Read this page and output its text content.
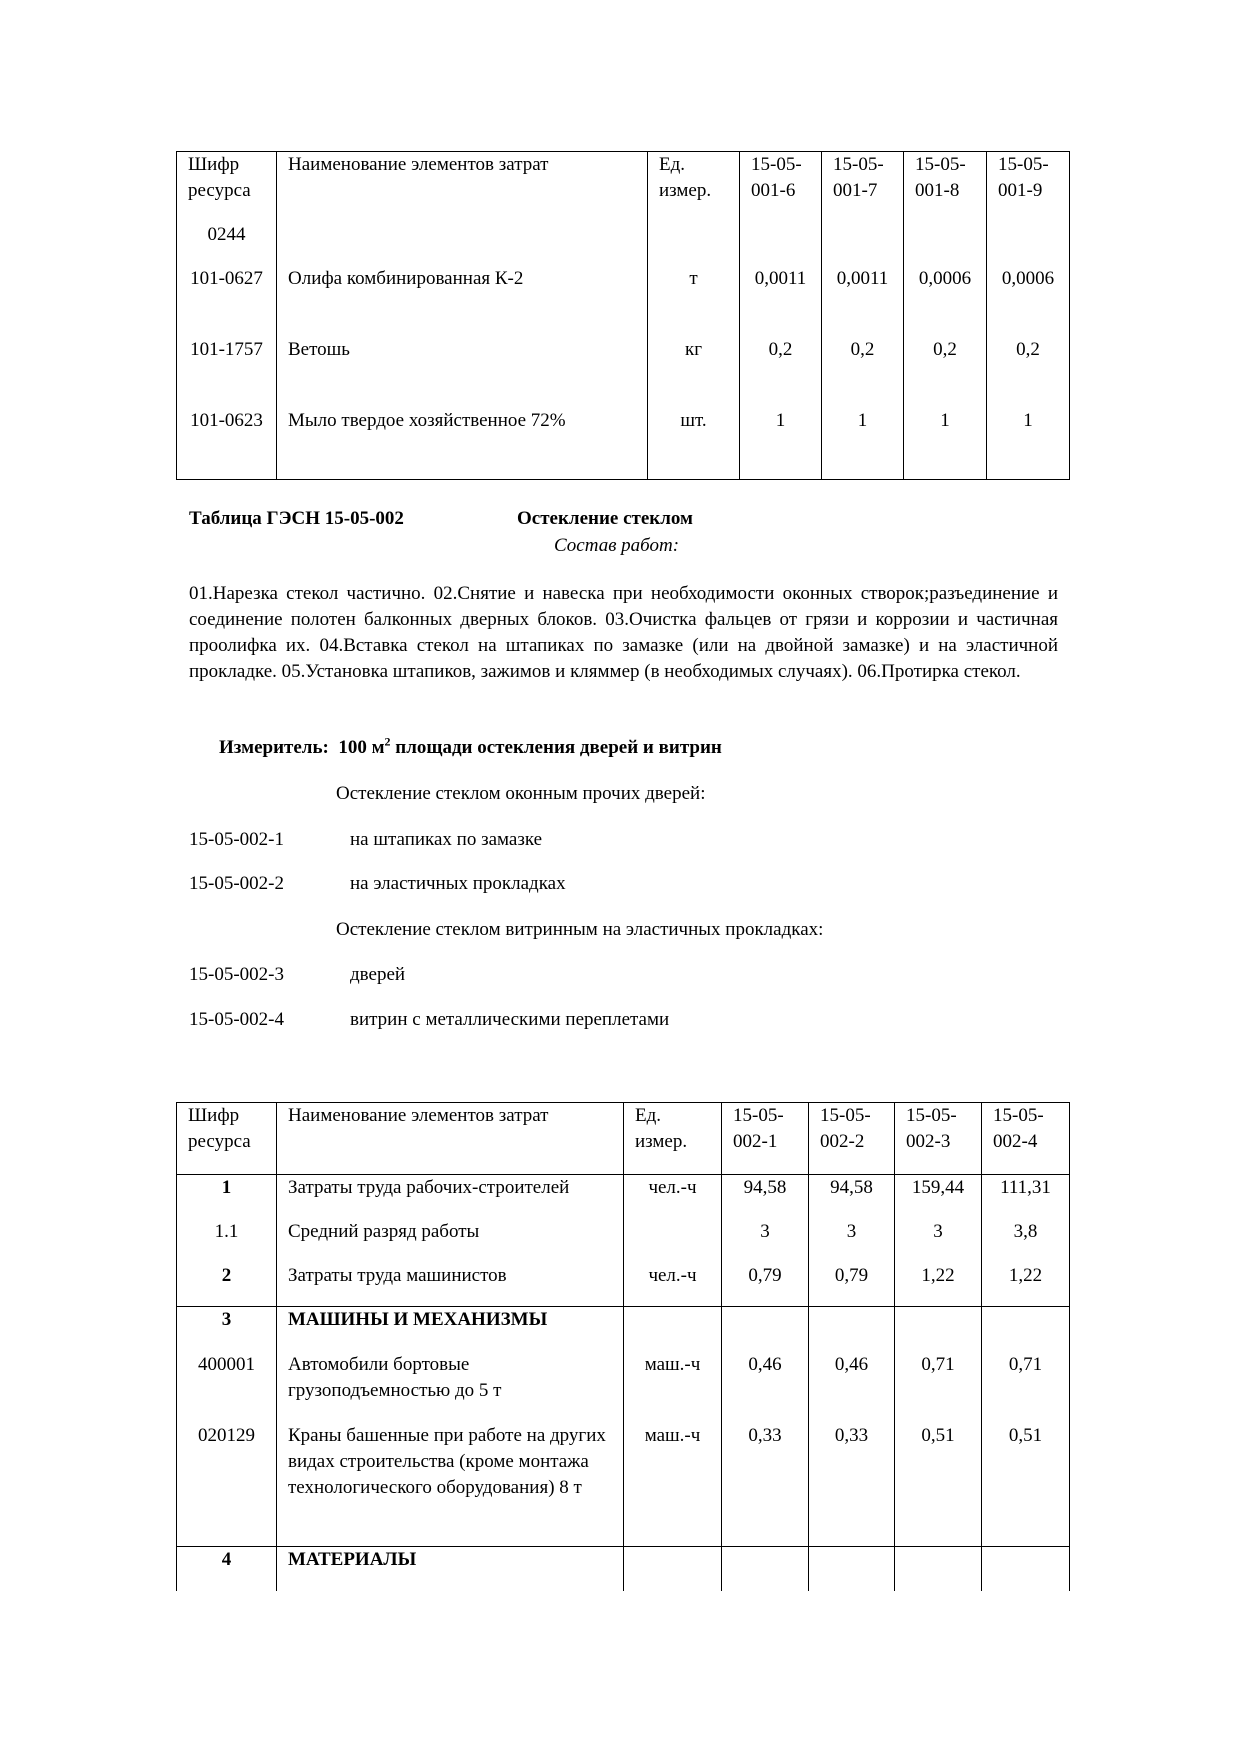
Шифр ресурса	Наименование элементов затрат	Ед. измер.	15-05-001-6	15-05-001-7	15-05-001-8	15-05-001-9
0244						
101-0627	Олифа комбинированная К-2	т	0,0011	0,0011	0,0006	0,0006
101-1757	Ветошь	кг	0,2	0,2	0,2	0,2
101-0623	Мыло твердое хозяйственное 72%	шт.	1	1	1	1
Таблица ГЭСН 15-05-002	Остекление стеклом
Состав работ:
01.Нарезка стекол частично. 02.Снятие и навеска при необходимости оконных створок;разъединение и соединение полотен балконных дверных блоков. 03.Очистка фальцев от грязи и коррозии и частичная проолифка их. 04.Вставка стекол на штапиках по замазке (или на двойной замазке) и на эластичной прокладке. 05.Установка штапиков, зажимов и кляммер (в необходимых случаях). 06.Протирка стекол.
Измеритель: 100 $м^2$ площади остекления дверей и витрин
Остекление стеклом оконным прочих дверей:
15-05-002-1	на штапиках по замазке
15-05-002-2	на эластичных прокладках
Остекление стеклом витринным на эластичных прокладках:
15-05-002-3	дверей
15-05-002-4	витрин с металлическими переплетами
Шифр ресурса	Наименование элементов затрат	Ед. измер.	15-05-002-1	15-05-002-2	15-05-002-3	15-05-002-4
1	Затраты труда рабочих-строителей	чел.-ч	94,58	94,58	159,44	111,31
1.1	Средний разряд работы		3	3	3	3,8
2	Затраты труда машинистов	чел.-ч	0,79	0,79	1,22	1,22
3	МАШИНЫ И МЕХАНИЗМЫ					
400001	Автомобили бортовые грузоподъемностью до 5 т	маш.-ч	0,46	0,46	0,71	0,71
020129	Краны башенные при работе на других видах строительства (кроме монтажа технологического оборудования) 8 т	маш.-ч	0,33	0,33	0,51	0,51
4	МАТЕРИАЛЫ					
